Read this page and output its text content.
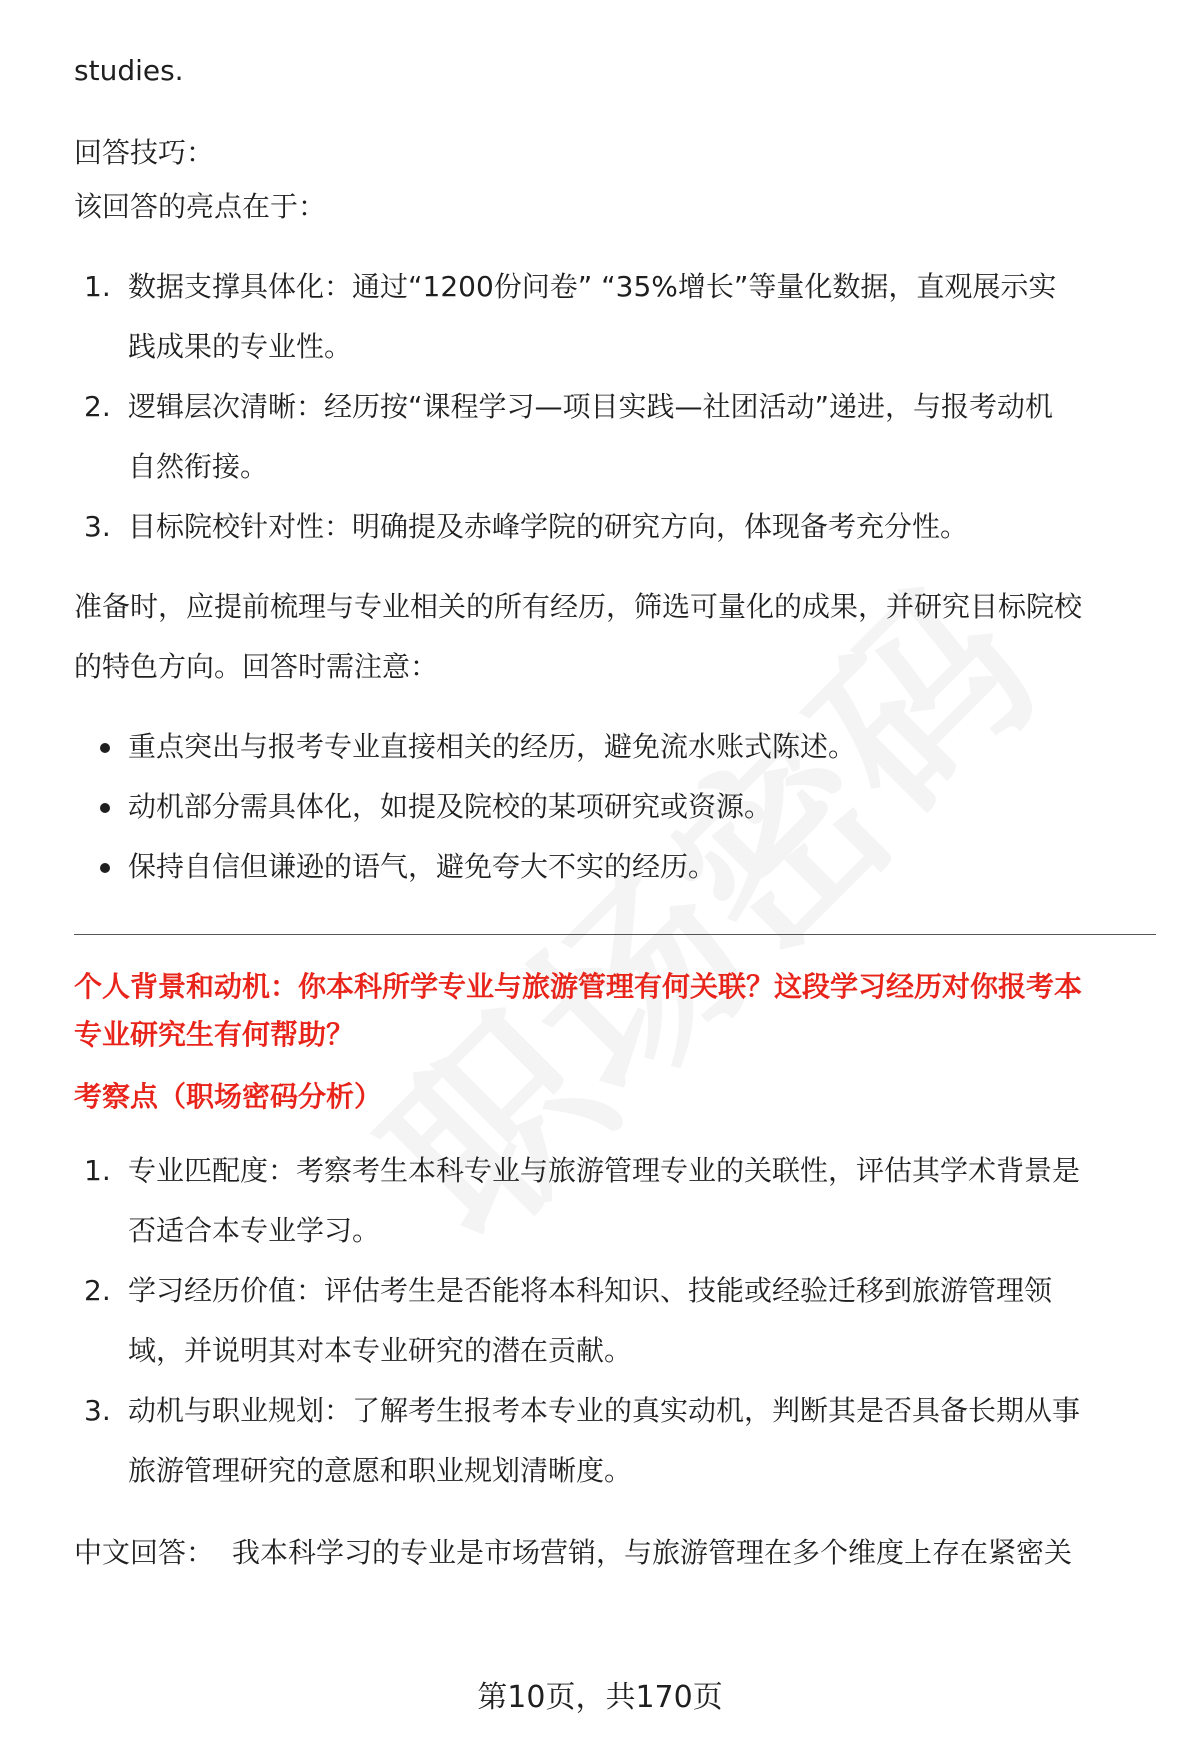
studies.

回答技巧：

该回答的亮点在于：

1. 数据支撑具体化：通过“1200份问卷” “35%增长”等量化数据，直观展示实
践成果的专业性。
2. 逻辑层次清晰：经历按“课程学习—项目实践—社团活动”递进，与报考动机
自然衔接。
3. 目标院校针对性：明确提及赤峰学院的研究方向，体现备考充分性。

准备时，应提前梳理与专业相关的所有经历，筛选可量化的成果，并研究目标院校

的特色方向。回答时需注意：

重点突出与报考专业直接相关的经历，避免流水账式陈述。
动机部分需具体化，如提及院校的某项研究或资源。
保持自信但谦逊的语气，避免夸大不实的经历。

个人背景和动机：你本科所学专业与旅游管理有何关联？这段学习经历对你报考本
专业研究生有何帮助？

考察点（职场密码分析）

1. 专业匹配度：考察考生本科专业与旅游管理专业的关联性，评估其学术背景是
否适合本专业学习。
2. 学习经历价值：评估考生是否能将本科知识、技能或经验迁移到旅游管理领
域，并说明其对本专业研究的潜在贡献。
3. 动机与职业规划：了解考生报考本专业的真实动机，判断其是否具备长期从事
旅游管理研究的意愿和职业规划清晰度。

中文回答： 我本科学习的专业是市场营销，与旅游管理在多个维度上存在紧密关

第10页，共170页
